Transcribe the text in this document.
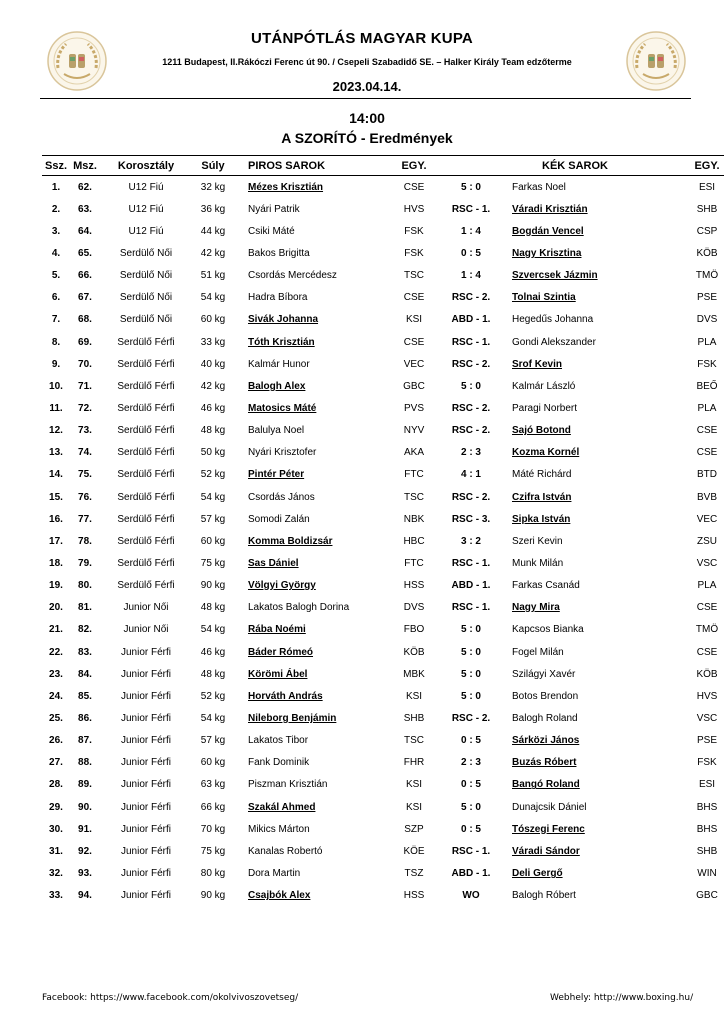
UTÁNPÓTLÁS MAGYAR KUPA
1211 Budapest, II.Rákóczi Ferenc út 90. / Csepeli Szabadidő SE. – Halker Király Team edzőterme
2023.04.14.
14:00
A SZORÍTÓ - Eredmények
Ssz.	Msz.	Korosztály	Súly	PIROS SAROK	EGY.		KÉK SAROK	EGY.
1.	62.	U12 Fiú	32 kg	Mézes Krisztián	CSE	5 : 0	Farkas Noel	ESI
2.	63.	U12 Fiú	36 kg	Nyári Patrik	HVS	RSC - 1.	Váradi Krisztián	SHB
3.	64.	U12 Fiú	44 kg	Csiki Máté	FSK	1 : 4	Bogdán Vencel	CSP
4.	65.	Serdülő Női	42 kg	Bakos Brigitta	FSK	0 : 5	Nagy Krisztina	KÖB
5.	66.	Serdülő Női	51 kg	Csordás Mercédesz	TSC	1 : 4	Szvercsek Jázmin	TMÖ
6.	67.	Serdülő Női	54 kg	Hadra Bíbora	CSE	RSC - 2.	Tolnai Szintia	PSE
7.	68.	Serdülő Női	60 kg	Sivák Johanna	KSI	ABD - 1.	Hegedűs Johanna	DVS
8.	69.	Serdülő Férfi	33 kg	Tóth Krisztián	CSE	RSC - 1.	Gondi Alekszander	PLA
9.	70.	Serdülő Férfi	40 kg	Kalmár Hunor	VEC	RSC - 2.	Srof Kevin	FSK
10.	71.	Serdülő Férfi	42 kg	Balogh Alex	GBC	5 : 0	Kalmár László	BEŐ
11.	72.	Serdülő Férfi	46 kg	Matosics Máté	PVS	RSC - 2.	Paragi Norbert	PLA
12.	73.	Serdülő Férfi	48 kg	Balulya Noel	NYV	RSC - 2.	Sajó Botond	CSE
13.	74.	Serdülő Férfi	50 kg	Nyári Krisztofer	AKA	2 : 3	Kozma Kornél	CSE
14.	75.	Serdülő Férfi	52 kg	Pintér Péter	FTC	4 : 1	Máté Richárd	BTD
15.	76.	Serdülő Férfi	54 kg	Csordás János	TSC	RSC - 2.	Czifra István	BVB
16.	77.	Serdülő Férfi	57 kg	Somodi Zalán	NBK	RSC - 3.	Sipka István	VEC
17.	78.	Serdülő Férfi	60 kg	Komma Boldizsár	HBC	3 : 2	Szeri Kevin	ZSU
18.	79.	Serdülő Férfi	75 kg	Sas Dániel	FTC	RSC - 1.	Munk Milán	VSC
19.	80.	Serdülő Férfi	90 kg	Völgyi György	HSS	ABD - 1.	Farkas Csanád	PLA
20.	81.	Junior Női	48 kg	Lakatos Balogh Dorina	DVS	RSC - 1.	Nagy Mira	CSE
21.	82.	Junior Női	54 kg	Rába Noémi	FBO	5 : 0	Kapcsos Bianka	TMÖ
22.	83.	Junior Férfi	46 kg	Báder Rómeó	KÖB	5 : 0	Fogel Milán	CSE
23.	84.	Junior Férfi	48 kg	Körömi Ábel	MBK	5 : 0	Szilágyi Xavér	KÖB
24.	85.	Junior Férfi	52 kg	Horváth András	KSI	5 : 0	Botos Brendon	HVS
25.	86.	Junior Férfi	54 kg	Nileborg Benjámin	SHB	RSC - 2.	Balogh Roland	VSC
26.	87.	Junior Férfi	57 kg	Lakatos Tibor	TSC	0 : 5	Sárközi János	PSE
27.	88.	Junior Férfi	60 kg	Fank Dominik	FHR	2 : 3	Buzás Róbert	FSK
28.	89.	Junior Férfi	63 kg	Piszman Krisztián	KSI	0 : 5	Bangó Roland	ESI
29.	90.	Junior Férfi	66 kg	Szakál Ahmed	KSI	5 : 0	Dunajcsik Dániel	BHS
30.	91.	Junior Férfi	70 kg	Mikics Márton	SZP	0 : 5	Tószegi Ferenc	BHS
31.	92.	Junior Férfi	75 kg	Kanalas Robertó	KÖE	RSC - 1.	Váradi Sándor	SHB
32.	93.	Junior Férfi	80 kg	Dora Martin	TSZ	ABD - 1.	Deli Gergő	WIN
33.	94.	Junior Férfi	90 kg	Csajbók Alex	HSS	WO	Balogh Róbert	GBC
Facebook: https://www.facebook.com/okolvivoszovetseg/	Webhely: http://www.boxing.hu/
